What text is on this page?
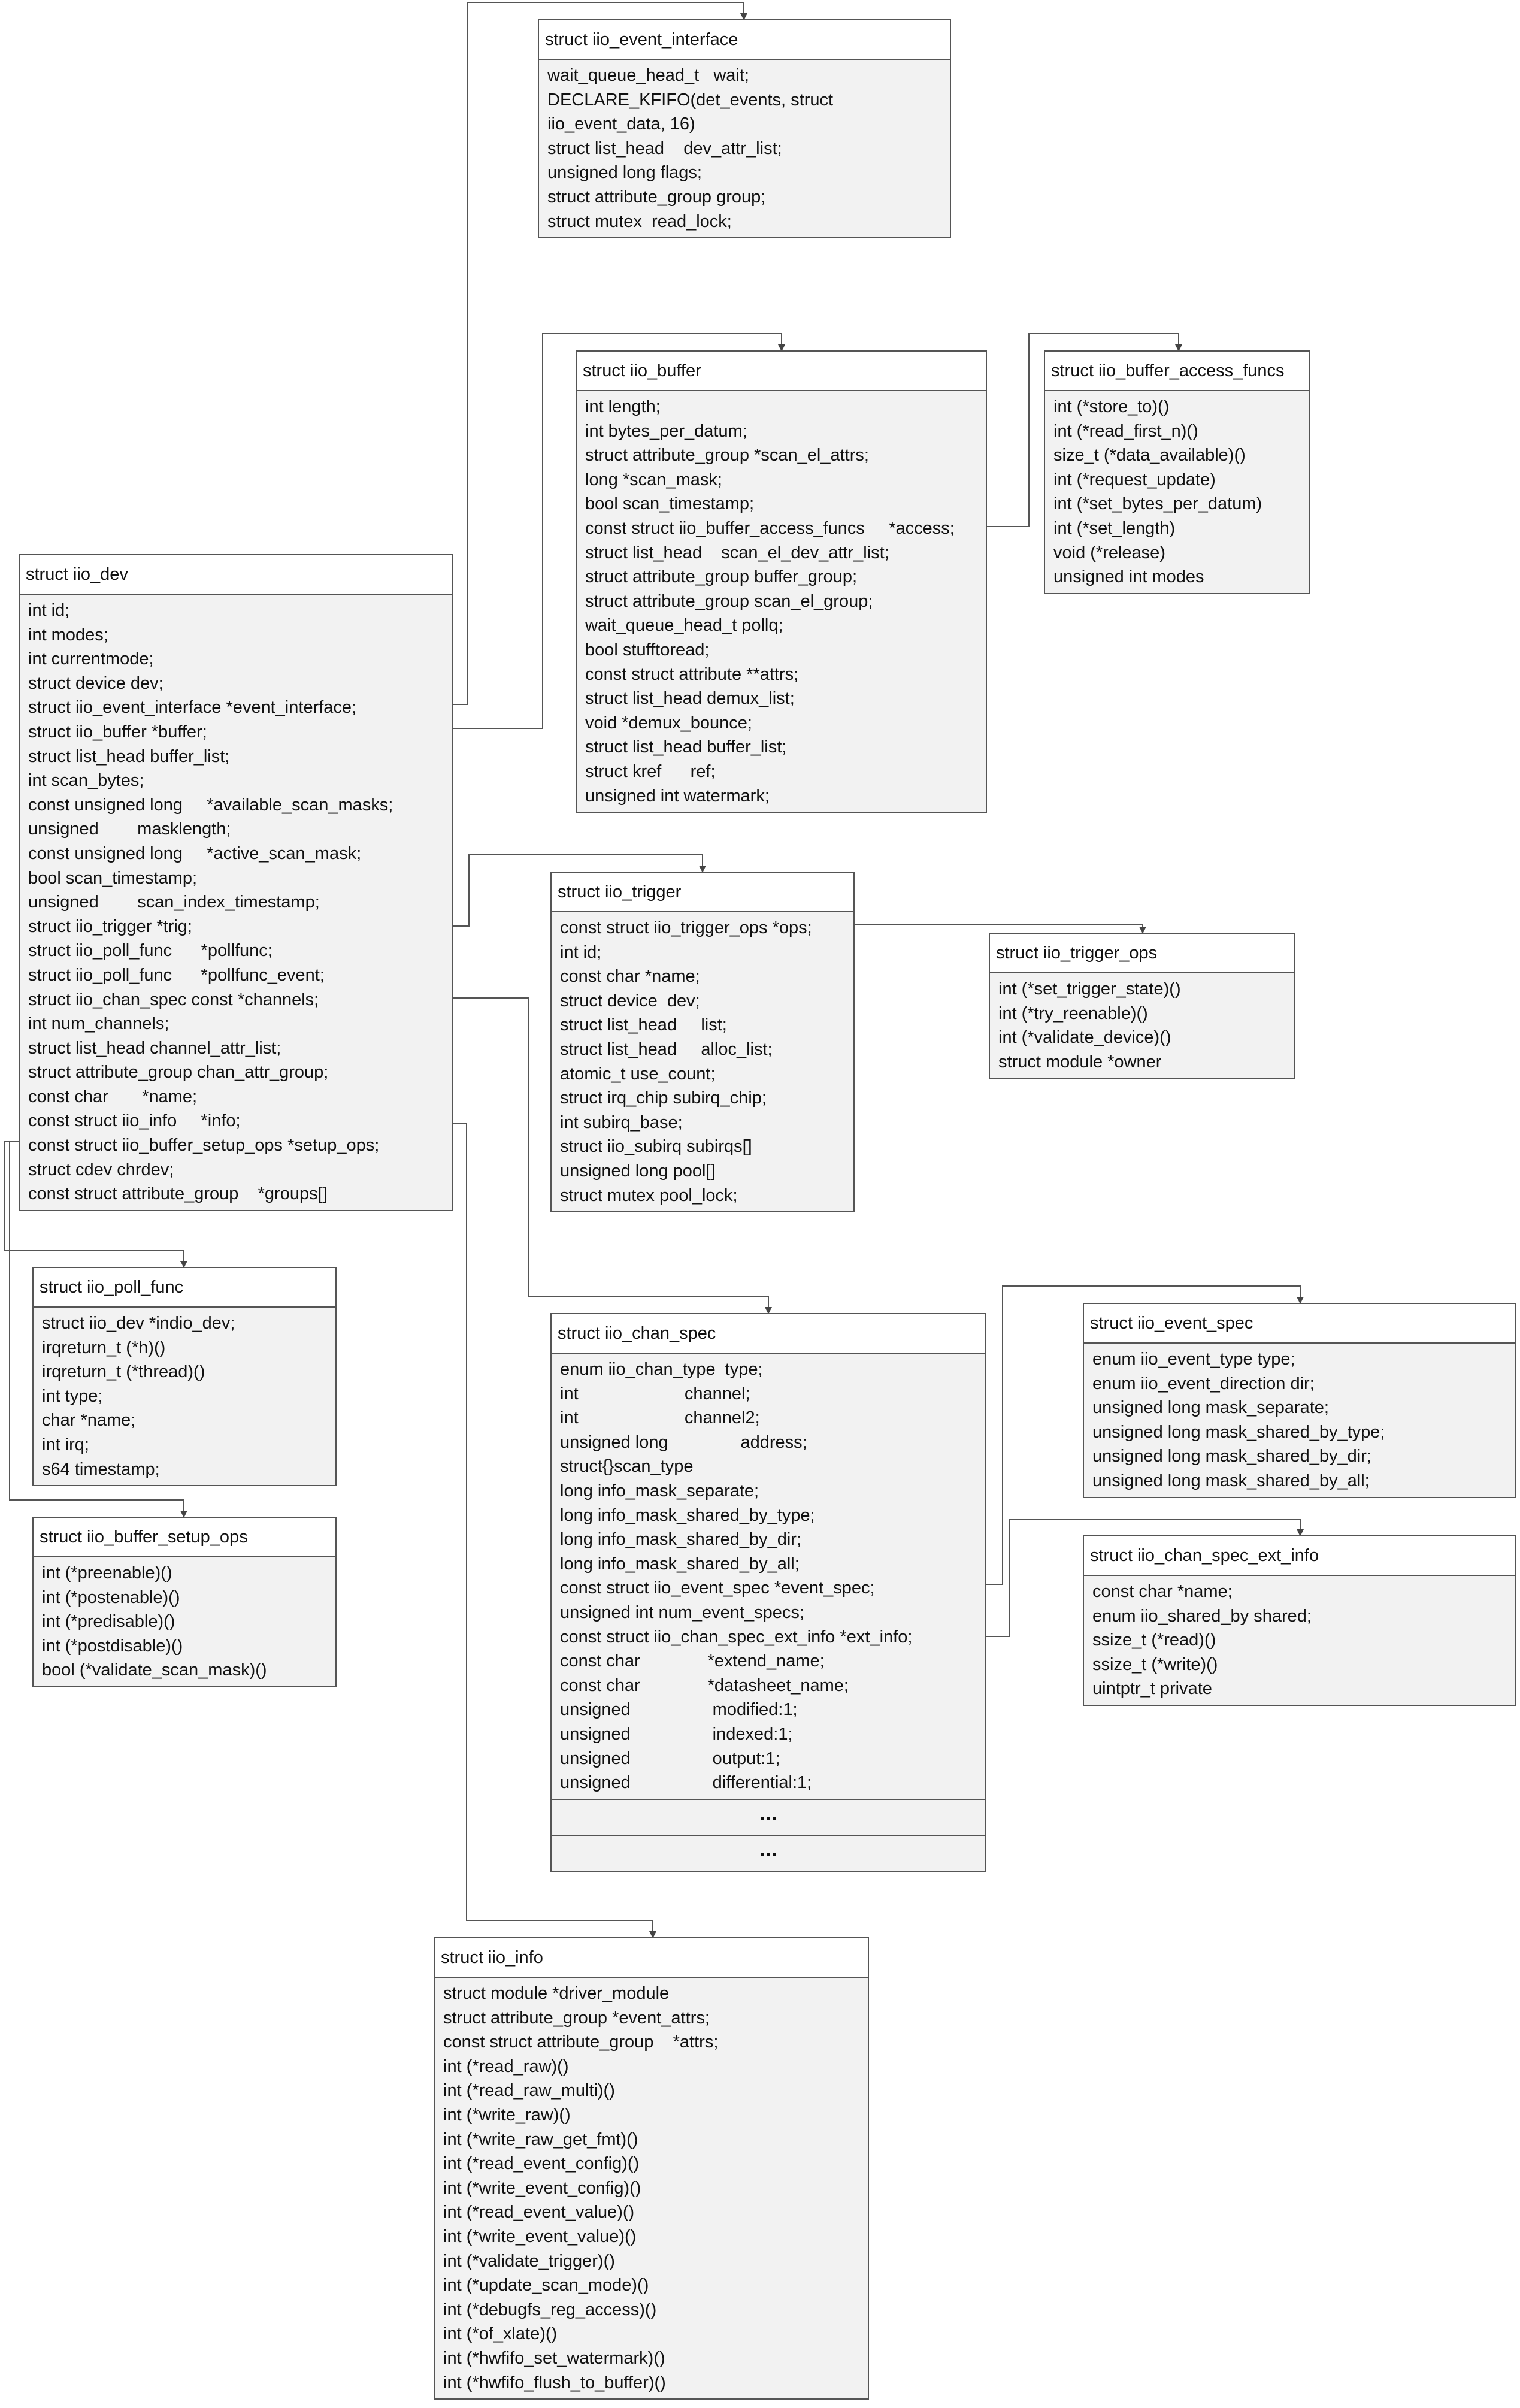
struct iio_event_interface
wait_queue_head_t   wait;
DECLARE_KFIFO(det_events, struct
iio_event_data, 16)
struct list_head    dev_attr_list;
unsigned long flags;
struct attribute_group group;
struct mutex  read_lock;
struct iio_buffer
int length;
int bytes_per_datum;
struct attribute_group *scan_el_attrs;
long *scan_mask;
bool scan_timestamp;
const struct iio_buffer_access_funcs     *access;
struct list_head    scan_el_dev_attr_list;
struct attribute_group buffer_group;
struct attribute_group scan_el_group;
wait_queue_head_t pollq;
bool stufftoread;
const struct attribute **attrs;
struct list_head demux_list;
void *demux_bounce;
struct list_head buffer_list;
struct kref      ref;
unsigned int watermark;
struct iio_buffer_access_funcs
int (*store_to)()
int (*read_first_n)()
size_t (*data_available)()
int (*request_update)
int (*set_bytes_per_datum)
int (*set_length)
void (*release)
unsigned int modes
struct iio_dev
int id;
int modes;
int currentmode;
struct device dev;
struct iio_event_interface *event_interface;
struct iio_buffer *buffer;
struct list_head buffer_list;
int scan_bytes;
const unsigned long     *available_scan_masks;
unsigned        masklength;
const unsigned long     *active_scan_mask;
bool scan_timestamp;
unsigned        scan_index_timestamp;
struct iio_trigger *trig;
struct iio_poll_func      *pollfunc;
struct iio_poll_func      *pollfunc_event;
struct iio_chan_spec const *channels;
int num_channels;
struct list_head channel_attr_list;
struct attribute_group chan_attr_group;
const char       *name;
const struct iio_info     *info;
const struct iio_buffer_setup_ops *setup_ops;
struct cdev chrdev;
const struct attribute_group    *groups[]
struct iio_trigger
const struct iio_trigger_ops *ops;
int id;
const char *name;
struct device  dev;
struct list_head     list;
struct list_head     alloc_list;
atomic_t use_count;
struct irq_chip subirq_chip;
int subirq_base;
struct iio_subirq subirqs[]
unsigned long pool[]
struct mutex pool_lock;
struct iio_trigger_ops
int (*set_trigger_state)()
int (*try_reenable)()
int (*validate_device)()
struct module *owner
struct iio_poll_func
struct iio_dev *indio_dev;
irqreturn_t (*h)()
irqreturn_t (*thread)()
int type;
char *name;
int irq;
s64 timestamp;
struct iio_buffer_setup_ops
int (*preenable)()
int (*postenable)()
int (*predisable)()
int (*postdisable)()
bool (*validate_scan_mask)()
struct iio_chan_spec
enum iio_chan_type  type;
int                      channel;
int                      channel2;
unsigned long               address;
struct{}scan_type
long info_mask_separate;
long info_mask_shared_by_type;
long info_mask_shared_by_dir;
long info_mask_shared_by_all;
const struct iio_event_spec *event_spec;
unsigned int num_event_specs;
const struct iio_chan_spec_ext_info *ext_info;
const char              *extend_name;
const char              *datasheet_name;
unsigned                 modified:1;
unsigned                 indexed:1;
unsigned                 output:1;
unsigned                 differential:1;
...
...
struct iio_event_spec
enum iio_event_type type;
enum iio_event_direction dir;
unsigned long mask_separate;
unsigned long mask_shared_by_type;
unsigned long mask_shared_by_dir;
unsigned long mask_shared_by_all;
struct iio_chan_spec_ext_info
const char *name;
enum iio_shared_by shared;
ssize_t (*read)()
ssize_t (*write)()
uintptr_t private
struct iio_info
struct module *driver_module
struct attribute_group *event_attrs;
const struct attribute_group    *attrs;
int (*read_raw)()
int (*read_raw_multi)()
int (*write_raw)()
int (*write_raw_get_fmt)()
int (*read_event_config)()
int (*write_event_config)()
int (*read_event_value)()
int (*write_event_value)()
int (*validate_trigger)()
int (*update_scan_mode)()
int (*debugfs_reg_access)()
int (*of_xlate)()
int (*hwfifo_set_watermark)()
int (*hwfifo_flush_to_buffer)()
